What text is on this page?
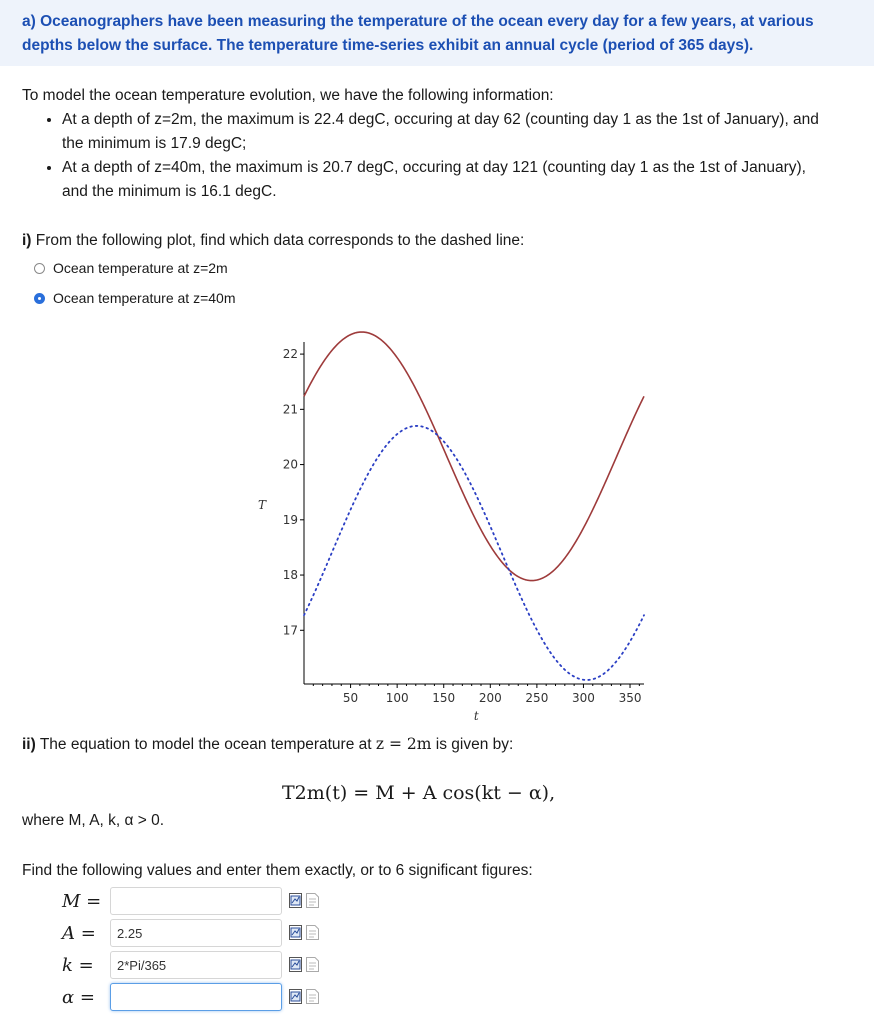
a) Oceanographers have been measuring the temperature of the ocean every day for a few years, at various
depths below the surface. The temperature time-series exhibit an annual cycle (period of 365 days).
To model the ocean temperature evolution, we have the following information:
• At a depth of z=2m, the maximum is 22.4 degC, occuring at day 62 (counting day 1 as the 1st of January), and
the minimum is 17.9 degC;
• At a depth of z=40m, the maximum is 20.7 degC, occuring at day 121 (counting day 1 as the 1st of January),
and the minimum is 16.1 degC.
i) From the following plot, find which data corresponds to the dashed line:
Ocean temperature at z=2m
Ocean temperature at z=40m
17
18
19
20
21
22
50 100 150 200 250 300 350
T
t
ii) The equation to model the ocean temperature at z = 2m is given by:
T2m(t) = M + A cos(kt − α),
where M, A, k, α > 0.
Find the following values and enter them exactly, or to 6 significant figures:
M =
A =	2.25
k =	2*Pi/365
α =
